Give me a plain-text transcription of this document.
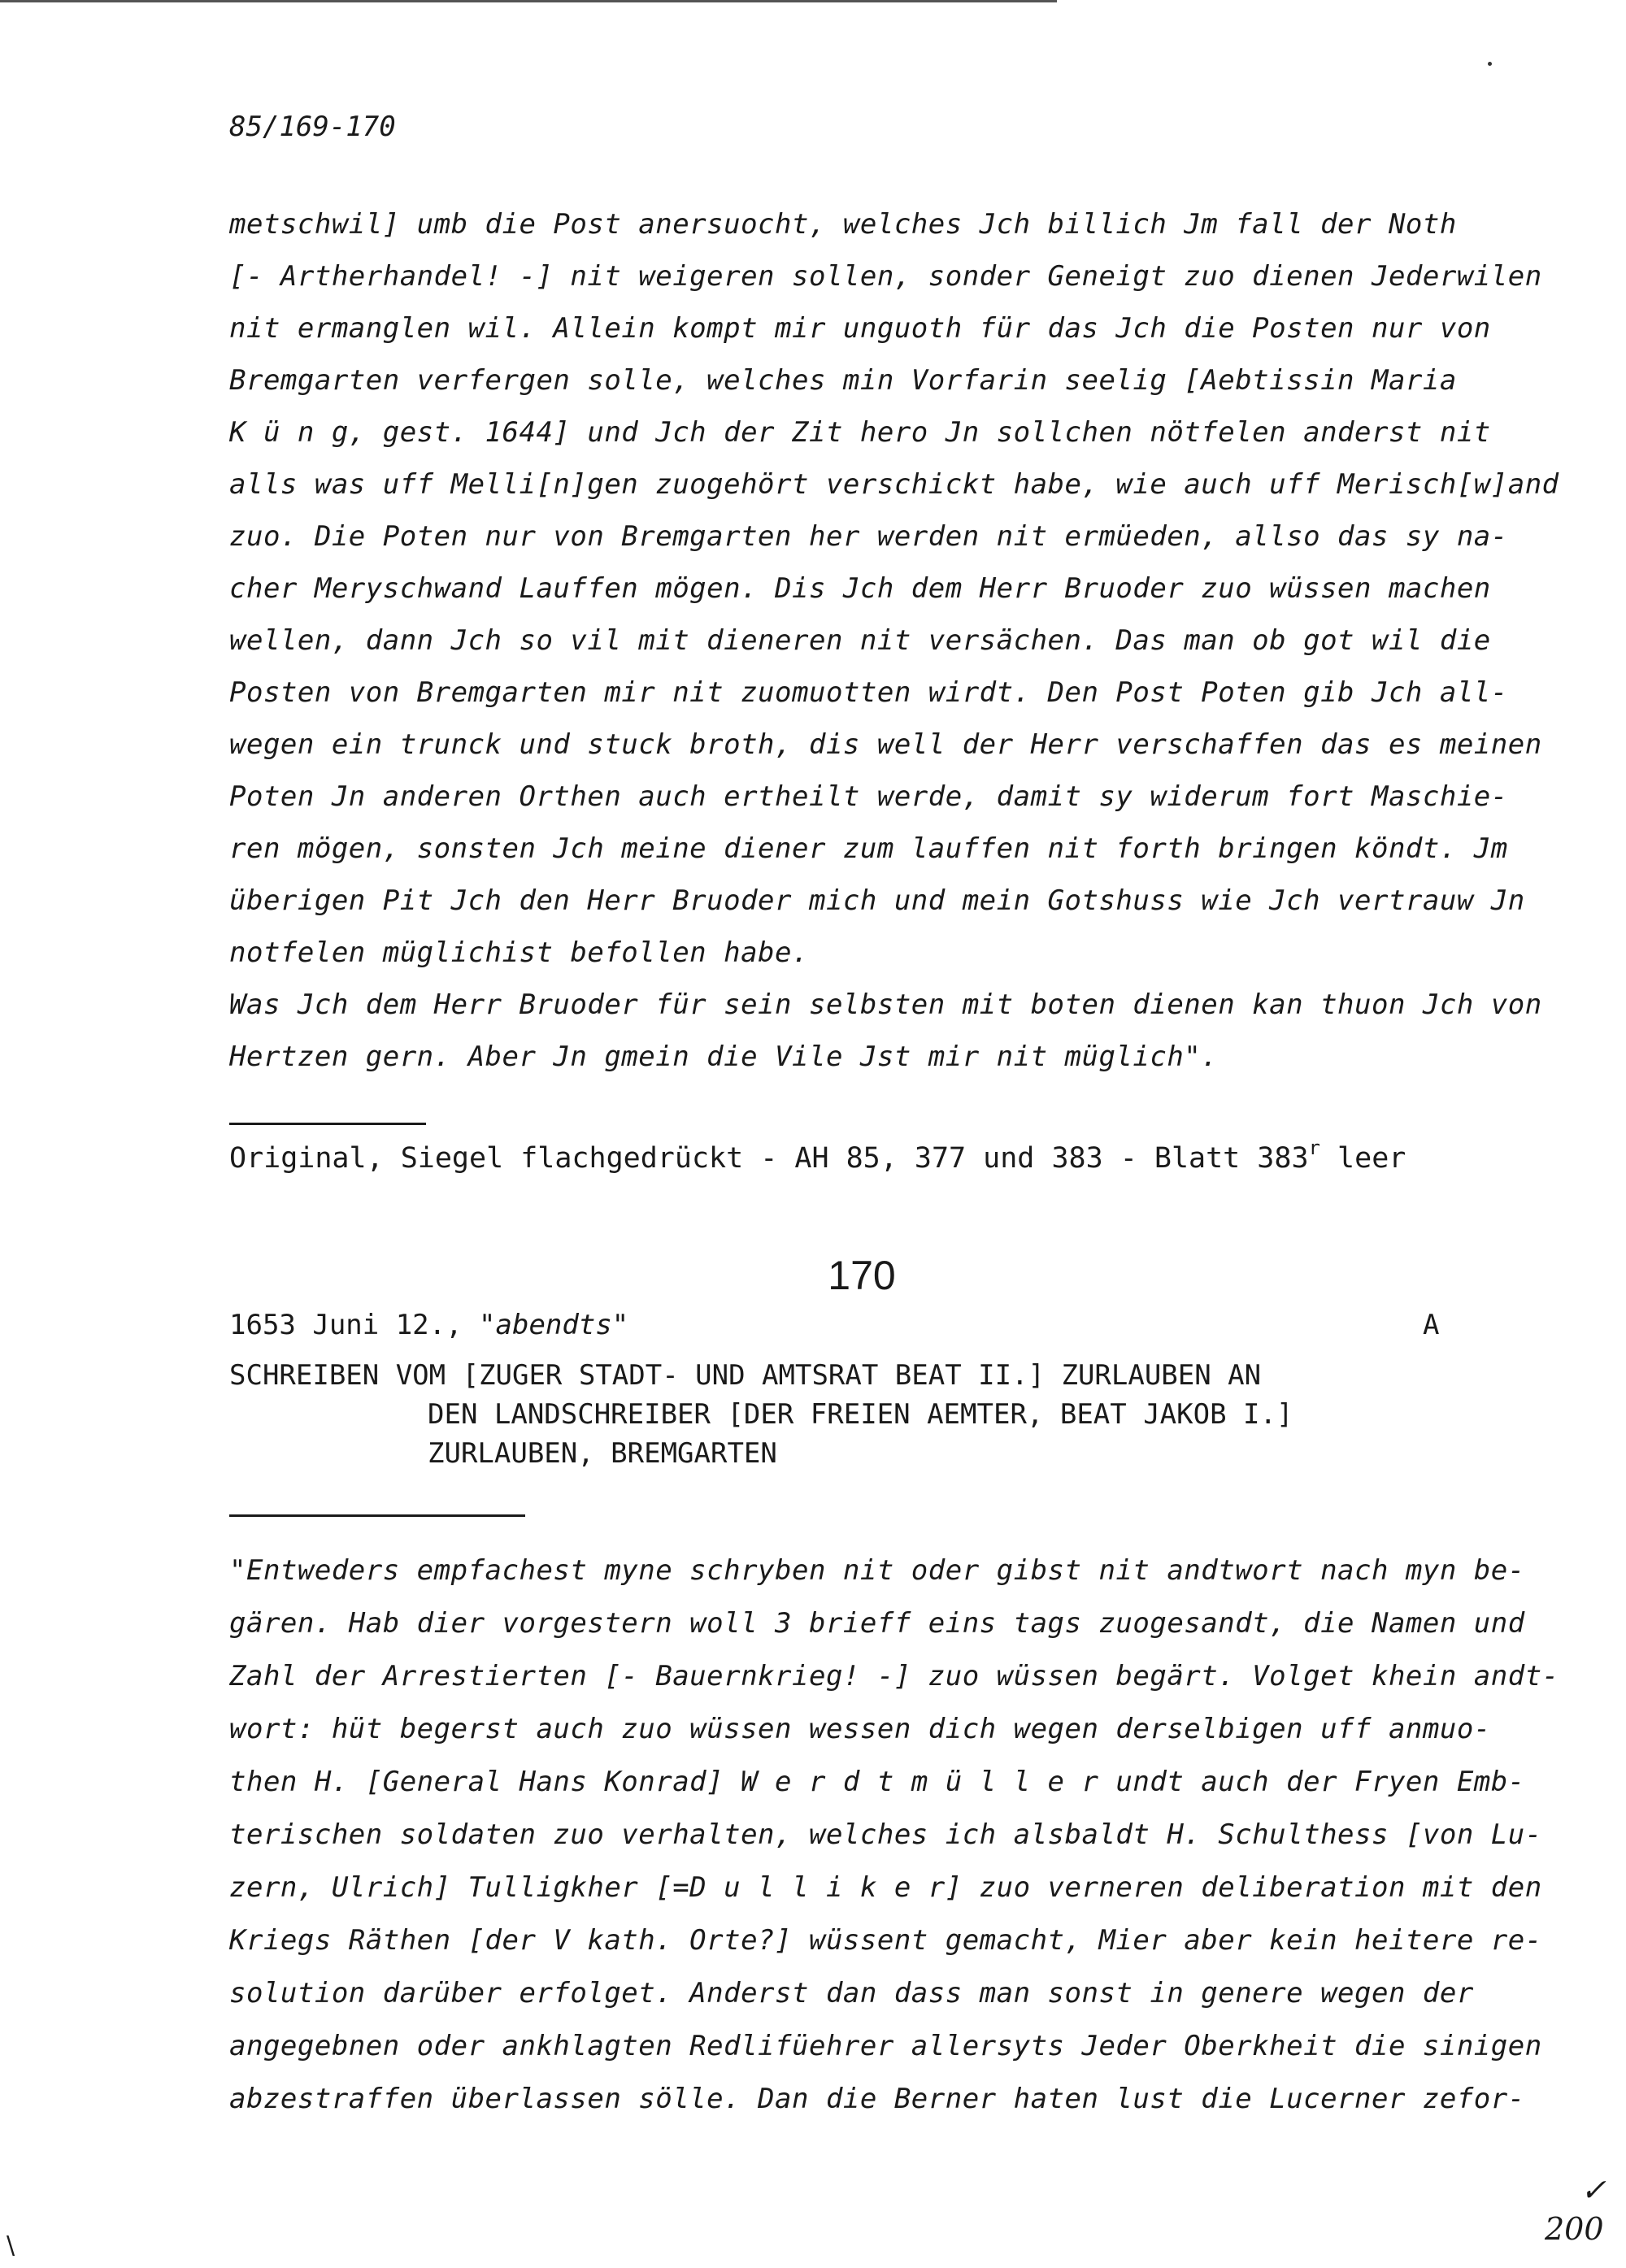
85/169-170
metschwil] umb die Post anersuocht, welches Jch billich Jm fall der Noth
[- Artherhandel! -] nit weigeren sollen, sonder Geneigt zuo dienen Jederwilen
nit ermanglen wil. Allein kompt mir unguoth für das Jch die Posten nur von
Bremgarten verfergen solle, welches min Vorfarin seelig [Aebtissin Maria
K ü n g, gest. 1644] und Jch der Zit hero Jn sollchen nötfelen anderst nit
alls was uff Melli[n]gen zuogehört verschickt habe, wie auch uff Merisch[w]and
zuo. Die Poten nur von Bremgarten her werden nit ermüeden, allso das sy na-
cher Meryschwand Lauffen mögen. Dis Jch dem Herr Bruoder zuo wüssen machen
wellen, dann Jch so vil mit dieneren nit versächen. Das man ob got wil die
Posten von Bremgarten mir nit zuomuotten wirdt. Den Post Poten gib Jch all-
wegen ein trunck und stuck broth, dis well der Herr verschaffen das es meinen
Poten Jn anderen Orthen auch ertheilt werde, damit sy widerum fort Maschie-
ren mögen, sonsten Jch meine diener zum lauffen nit forth bringen köndt. Jm
überigen Pit Jch den Herr Bruoder mich und mein Gotshuss wie Jch vertrauw Jn
notfelen müglichist befollen habe.
Was Jch dem Herr Bruoder für sein selbsten mit boten dienen kan thuon Jch von
Hertzen gern. Aber Jn gmein die Vile Jst mir nit müglich".
Original, Siegel flachgedrückt - AH 85, 377 und 383 - Blatt 383$^r$ leer
170
1653 Juni 12., "abendts"	A
SCHREIBEN VOM [ZUGER STADT- UND AMTSRAT BEAT II.] ZURLAUBEN AN
DEN LANDSCHREIBER [DER FREIEN AEMTER, BEAT JAKOB I.]
ZURLAUBEN, BREMGARTEN
"Entweders empfachest myne schryben nit oder gibst nit andtwort nach myn be-
gären. Hab dier vorgestern woll 3 brieff eins tags zuogesandt, die Namen und
Zahl der Arrestierten [- Bauernkrieg! -] zuo wüssen begärt. Volget khein andt-
wort: hüt begerst auch zuo wüssen wessen dich wegen derselbigen uff anmuo-
then H. [General Hans Konrad] W e r d t m ü l l e r undt auch der Fryen Emb-
terischen soldaten zuo verhalten, welches ich alsbaldt H. Schulthess [von Lu-
zern, Ulrich] Tulligkher [=D u l l i k e r] zuo verneren deliberation mit den
Kriegs Räthen [der V kath. Orte?] wüssent gemacht, Mier aber kein heitere re-
solution darüber erfolget. Anderst dan dass man sonst in genere wegen der
angegebnen oder ankhlagten Redlifüehrer allersyts Jeder Oberkheit die sinigen
abzestraffen überlassen sölle. Dan die Berner haten lust die Lucerner zefor-
✓
200
\
